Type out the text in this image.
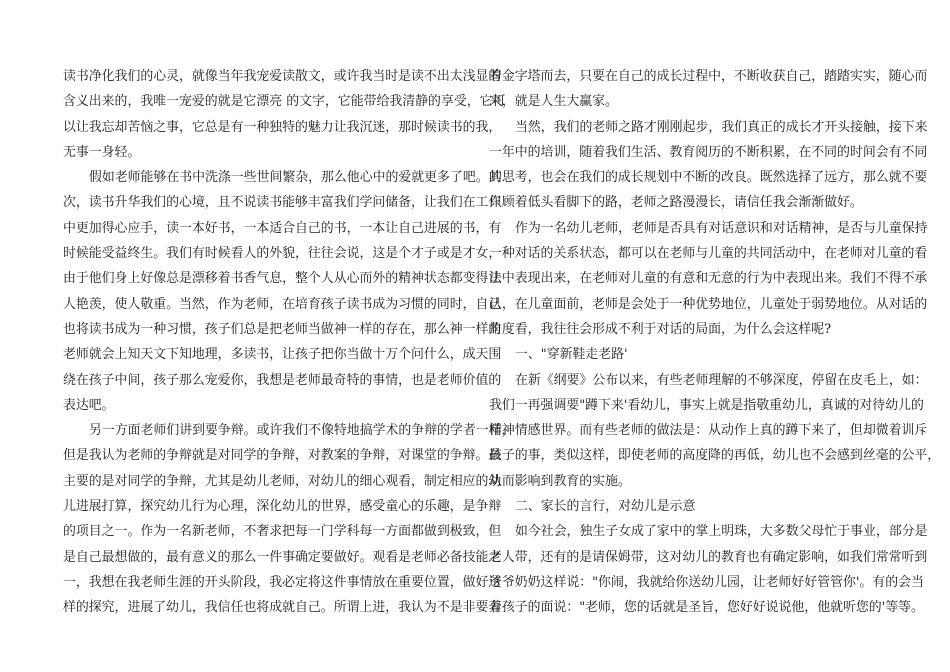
读书净化我们的心灵，就像当年我宠爱读散文，或许我当时是读不出太浅显的
含义出来的，我唯一宠爱的就是它漂亮 的文字，它能带给我清静的享受，它可
以让我忘却苦恼之事，它总是有一种独特的魅力让我沉迷，那时候读书的我，
无事一身轻。
假如老师能够在书中洗涤一些世间繁杂，那么他心中的爱就更多了吧。其
次，读书升华我们的心境，且不说读书能够丰富我们学问储备，让我们在工作
中更加得心应手，读一本好书，一本适合自己的书，一本让自己进展的书，有
时候能受益终生。我们有时候看人的外貌，往往会说，这是个才子或是才女，
由于他们身上好像总是漂移着书香气息，整个人从心而外的精神状态都变得让
人艳羡，使人敬重。当然，作为老师，在培育孩子读书成为习惯的同时，自己
也将读书成为一种习惯，孩子们总是把老师当做神一样的存在，那么神一样的
老师就会上知天文下知地理，多读书，让孩子把你当做十万个问什么，成天围
绕在孩子中间，孩子那么宠爱你，我想是老师最奇特的事情，也是老师价值的
表达吧。
另一方面老师们讲到要争辩。或许我们不像特地搞学术的争辩的学者一样，
但是我认为老师的争辩就是对同学的争辩，对教案的争辩，对课堂的争辩。最
主要的是对同学的争辩，尤其是幼儿老师，对幼儿的细心观看，制定相应的幼
儿进展打算，探究幼儿行为心理，深化幼儿的世界，感受童心的乐趣，是争辩
的项目之一。作为一名新老师，不奢求把每一门学科每一方面都做到极致，但
是自己最想做的，最有意义的那么一件事确定要做好。观看是老师必备技能之
一，我想在我老师生涯的开头阶段，我必定将这件事情放在重要位置，做好这
样的探究，进展了幼儿，我信任也将成就自己。所谓上进，我认为不是非要奔
着金字塔而去，只要在自己的成长过程中，不断收获自己，踏踏实实，随心而
来，就是人生大赢家。
当然，我们的老师之路才刚刚起步，我们真正的成长才开头接触，接下来
一年中的培训，随着我们生活、教育阅历的不断积累，在不同的时间会有不同
的思考，也会在我们的成长规划中不断的改良。既然选择了远方，那么就不要
只顾着低头看脚下的路，老师之路漫漫长，请信任我会渐渐做好。
作为一名幼儿老师，老师是否具有对话意识和对话精神，是否与儿童保持
一种对话的关系状态，都可以在老师与儿童的共同活动中，在老师对儿童的看
法中表现出来，在老师对儿童的有意和无意的行为中表现出来。我们不得不承
认，在儿童面前，老师是会处于一种优势地位，儿童处于弱势地位。从对话的
角度看，我往往会形成不利于对话的局面，为什么会这样呢?
一、"穿新鞋走老路'
在新《纲要》公布以来，有些老师理解的不够深度，停留在皮毛上，如：
我们一再强调要"蹲下来'看幼儿，事实上就是指敬重幼儿，真诚的对待幼儿的
精神情感世界。而有些老师的做法是：从动作上真的蹲下来了，但却微着训斥
孩子的事，类似这样，即使老师的高度降的再低，幼儿也不会感到丝毫的公平，
从而影响到教育的实施。
二、家长的言行，对幼儿是示意
如今社会，独生子女成了家中的掌上明珠，大多数父母忙于事业，部分是
老人带，还有的是请保姆带，这对幼儿的教育也有确定影响，如我们常常听到
爷爷奶奶这样说："你闹，我就给你送幼儿园，让老师好好管管你'。有的会当
着孩子的面说："老师，您的话就是圣旨，您好好说说他，他就听您的'等等。
